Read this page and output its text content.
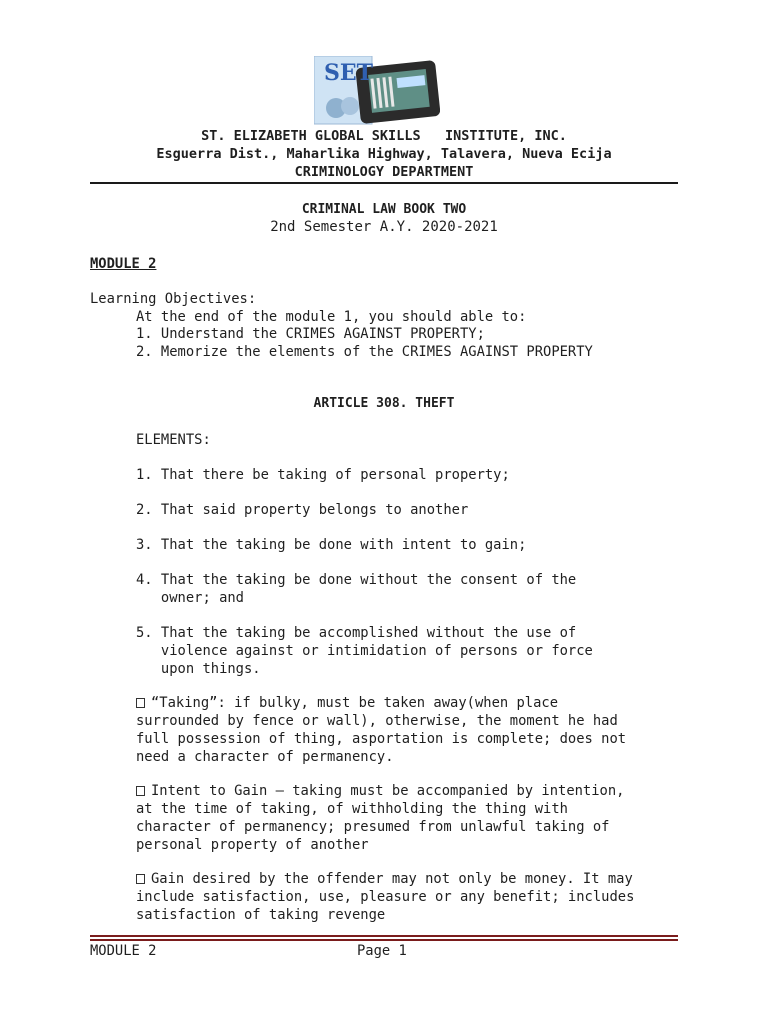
SET
ST. ELIZABETH GLOBAL SKILLS   INSTITUTE, INC.
Esguerra Dist., Maharlika Highway, Talavera, Nueva Ecija
CRIMINOLOGY DEPARTMENT
CRIMINAL LAW BOOK TWO
2nd Semester A.Y. 2020-2021
MODULE 2
Learning Objectives:
At the end of the module 1, you should able to:
1. Understand the CRIMES AGAINST PROPERTY;
2. Memorize the elements of the CRIMES AGAINST PROPERTY
ARTICLE 308. THEFT
ELEMENTS:
1. That there be taking of personal property;
2. That said property belongs to another
3. That the taking be done with intent to gain;
4. That the taking be done without the consent of the
owner; and
5. That the taking be accomplished without the use of
violence against or intimidation of persons or force
upon things.
“Taking”: if bulky, must be taken away(when place
surrounded by fence or wall), otherwise, the moment he had
full possession of thing, asportation is complete; does not
need a character of permanency.
Intent to Gain – taking must be accompanied by intention,
at the time of taking, of withholding the thing with
character of permanency; presumed from unlawful taking of
personal property of another
Gain desired by the offender may not only be money. It may
include satisfaction, use, pleasure or any benefit; includes
satisfaction of taking revenge
MODULE 2	Page 1
